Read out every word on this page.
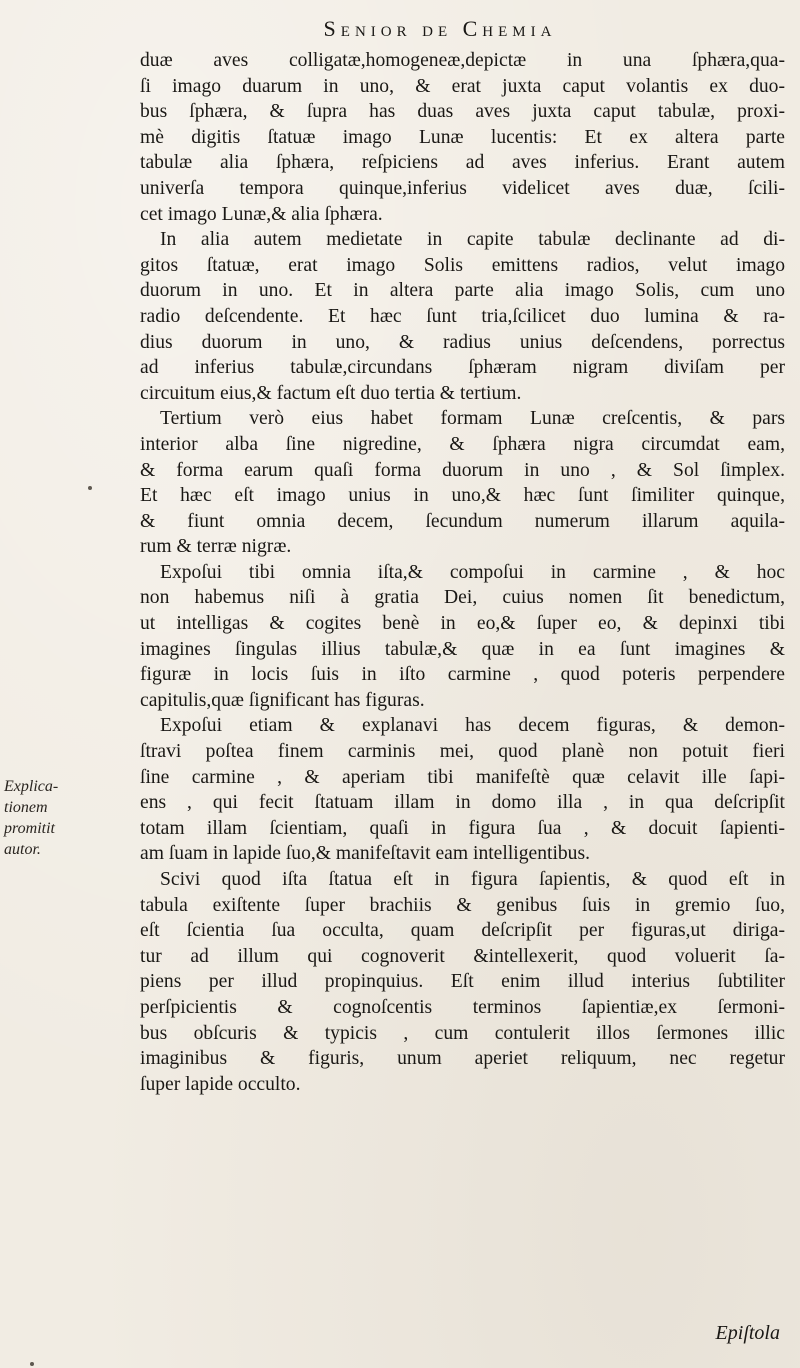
Senior de Chemia
duæ aves colligatæ,homogeneæ,depictæ in una ſphæra,qua-
ſi imago duarum in uno, & erat juxta caput volantis ex duo-
bus ſphæra, & ſupra has duas aves juxta caput tabulæ, proxi-
mè digitis ſtatuæ imago Lunæ lucentis: Et ex altera parte
tabulæ alia ſphæra, reſpiciens ad aves inferius. Erant autem
univerſa tempora quinque,inferius videlicet aves duæ, ſcili-
cet imago Lunæ,& alia ſphæra.
In alia autem medietate in capite tabulæ declinante ad di-
gitos ſtatuæ, erat imago Solis emittens radios, velut imago
duorum in uno. Et in altera parte alia imago Solis, cum uno
radio deſcendente. Et hæc ſunt tria,ſcilicet duo lumina & ra-
dius duorum in uno, & radius unius deſcendens, porrectus
ad inferius tabulæ,circundans ſphæram nigram diviſam per
circuitum eius,& factum eſt duo tertia & tertium.
Tertium verò eius habet formam Lunæ creſcentis, & pars
interior alba ſine nigredine, & ſphæra nigra circumdat eam,
& forma earum quaſi forma duorum in uno , & Sol ſimplex.
Et hæc eſt imago unius in uno,& hæc ſunt ſimiliter quinque,
& fiunt omnia decem, ſecundum numerum illarum aquila-
rum & terræ nigræ.
Expoſui tibi omnia iſta,& compoſui in carmine , & hoc
non habemus niſi à gratia Dei, cuius nomen ſit benedictum,
ut intelligas & cogites benè in eo,& ſuper eo, & depinxi tibi
imagines ſingulas illius tabulæ,& quæ in ea ſunt imagines &
figuræ in locis ſuis in iſto carmine , quod poteris perpendere
capitulis,quæ ſignificant has figuras.
Expoſui etiam & explanavi has decem figuras, & demon-
ſtravi poſtea finem carminis mei, quod planè non potuit fieri
ſine carmine , & aperiam tibi manifeſtè quæ celavit ille ſapi-
ens , qui fecit ſtatuam illam in domo illa , in qua deſcripſit
totam illam ſcientiam, quaſi in figura ſua , & docuit ſapienti-
am ſuam in lapide ſuo,& manifeſtavit eam intelligentibus.
Scivi quod iſta ſtatua eſt in figura ſapientis, & quod eſt in
tabula exiſtente ſuper brachiis & genibus ſuis in gremio ſuo,
eſt ſcientia ſua occulta, quam deſcripſit per figuras,ut diriga-
tur ad illum qui cognoverit &intellexerit, quod voluerit ſa-
piens per illud propinquius. Eſt enim illud interius ſubtiliter
perſpicientis & cognoſcentis terminos ſapientiæ,ex ſermoni-
bus obſcuris & typicis , cum contulerit illos ſermones illic
imaginibus & figuris, unum aperiet reliquum, nec regetur
ſuper lapide occulto.
Explica-
tionem
promitit
autor.
Epiſtola
